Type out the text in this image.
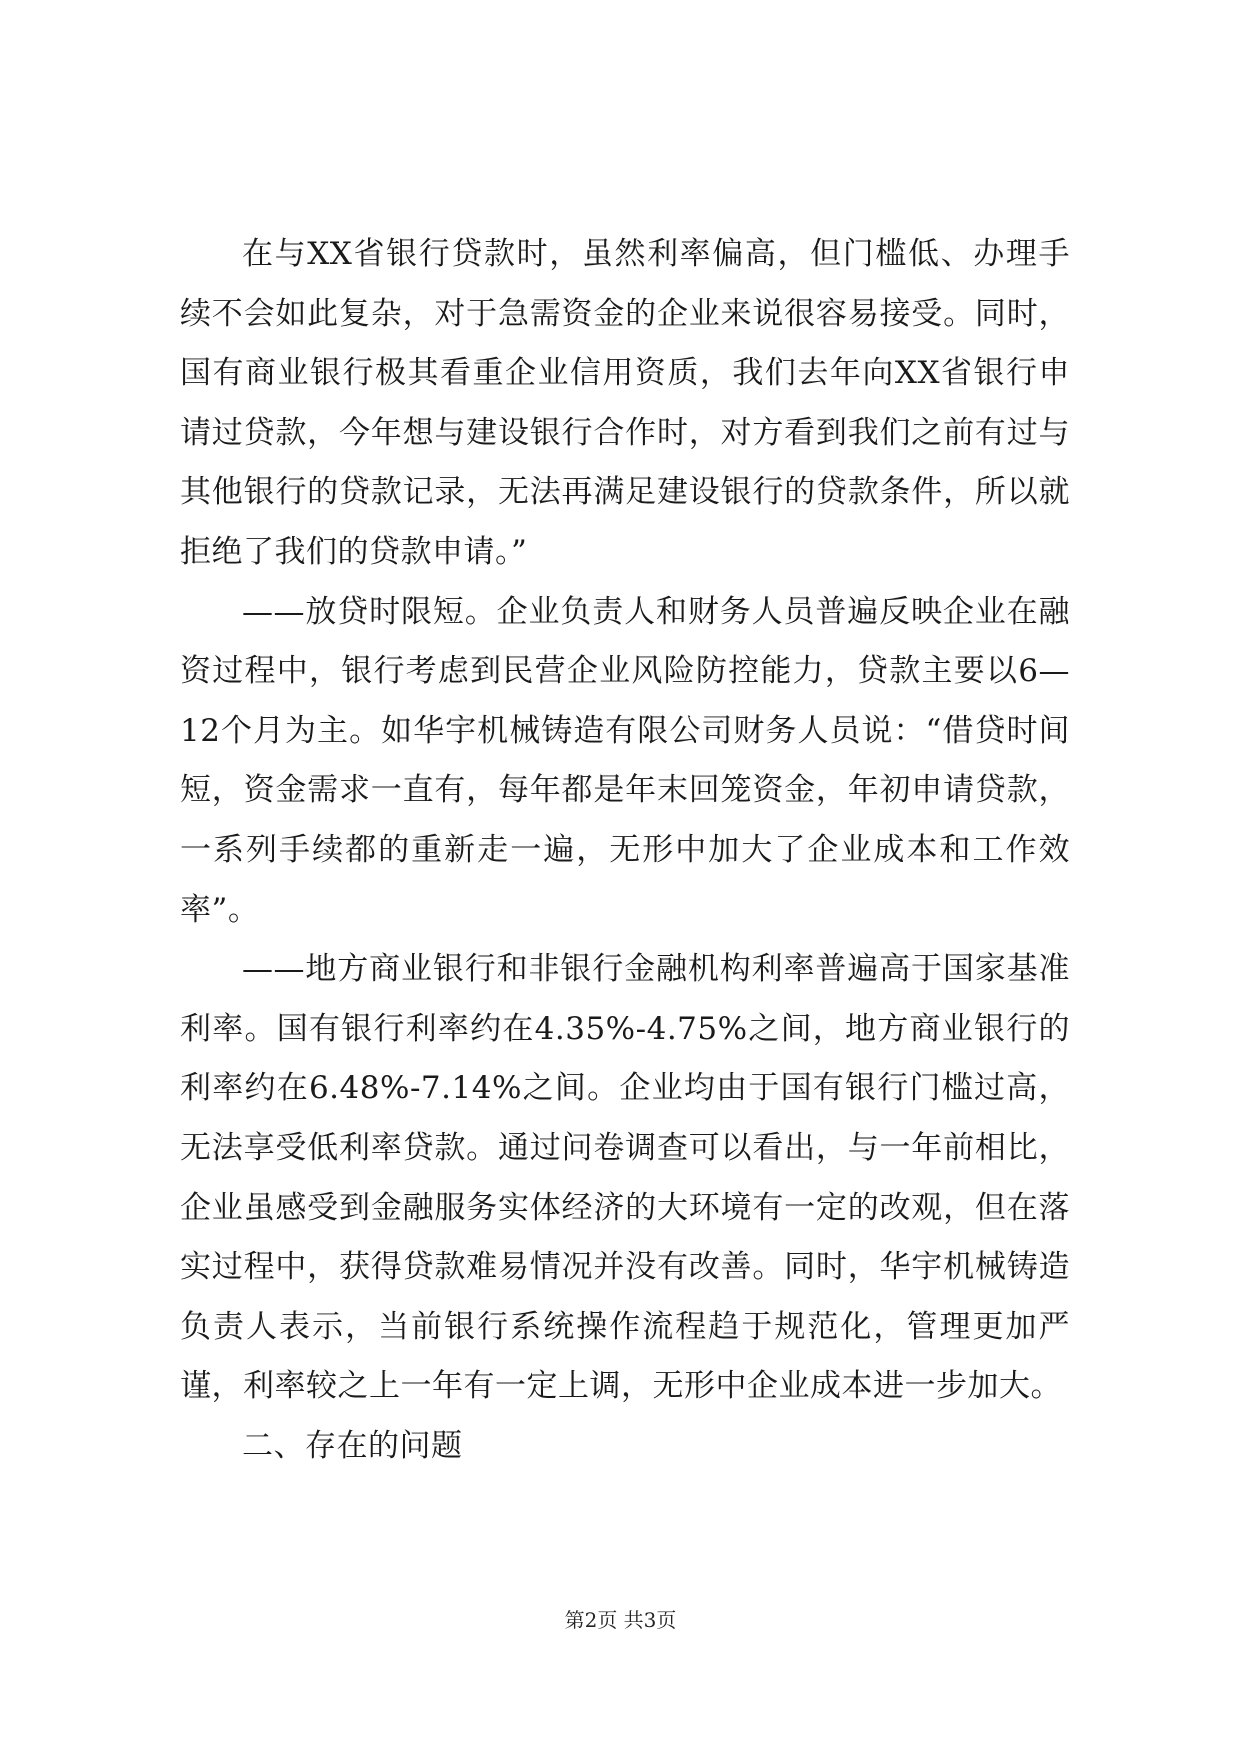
在与XX省银行贷款时，虽然利率偏高，但门槛低、办理手续不会如此复杂，对于急需资金的企业来说很容易接受。同时，国有商业银行极其看重企业信用资质，我们去年向XX省银行申请过贷款，今年想与建设银行合作时，对方看到我们之前有过与其他银行的贷款记录，无法再满足建设银行的贷款条件，所以就拒绝了我们的贷款申请。”

——放贷时限短。企业负责人和财务人员普遍反映企业在融资过程中，银行考虑到民营企业风险防控能力，贷款主要以6—12个月为主。如华宇机械铸造有限公司财务人员说：“借贷时间短，资金需求一直有，每年都是年末回笼资金，年初申请贷款，一系列手续都的重新走一遍，无形中加大了企业成本和工作效率”。

——地方商业银行和非银行金融机构利率普遍高于国家基准利率。国有银行利率约在4.35%-4.75%之间，地方商业银行的利率约在6.48%-7.14%之间。企业均由于国有银行门槛过高，无法享受低利率贷款。通过问卷调查可以看出，与一年前相比，企业虽感受到金融服务实体经济的大环境有一定的改观，但在落实过程中，获得贷款难易情况并没有改善。同时，华宇机械铸造负责人表示，当前银行系统操作流程趋于规范化，管理更加严谨，利率较之上一年有一定上调，无形中企业成本进一步加大。

二、存在的问题

第2页 共3页
